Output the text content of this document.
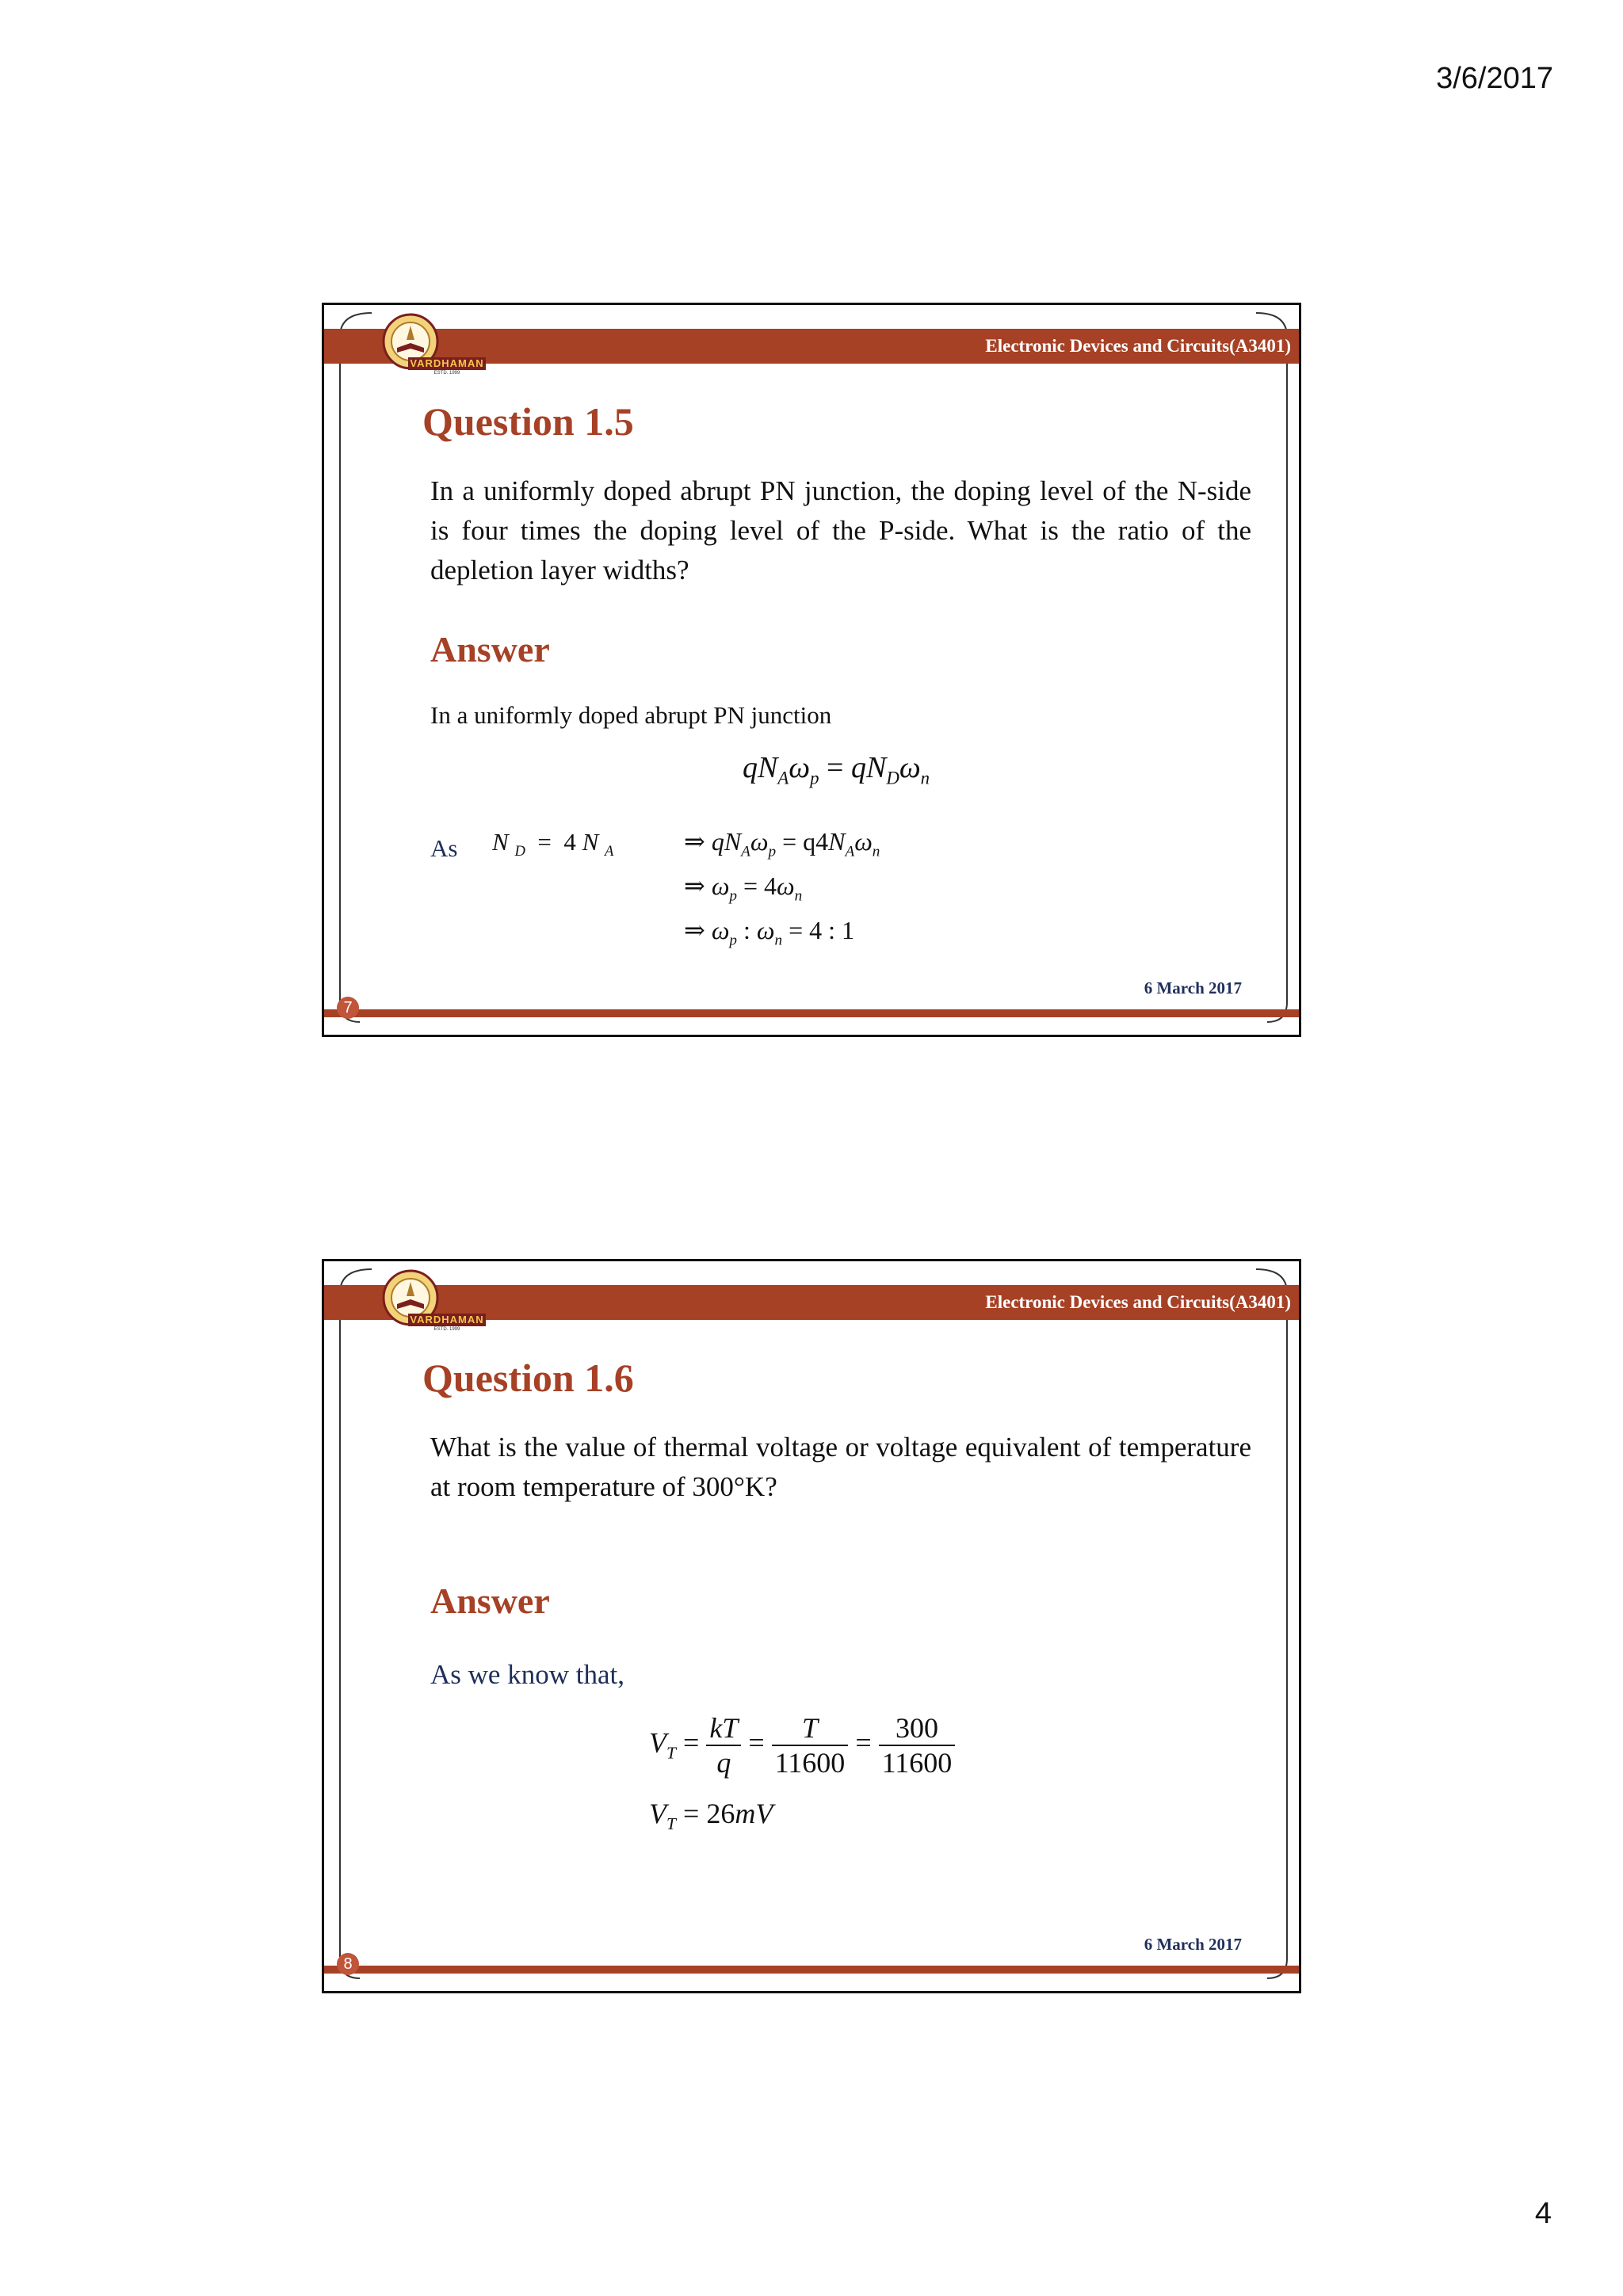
3/6/2017
VARDHAMAN
ESTD. 1999
Electronic Devices and Circuits(A3401)
Question 1.5
In a uniformly doped abrupt PN junction, the doping level of the N-side is four times the doping level of the P-side. What is the ratio of the depletion layer widths?
Answer
In a uniformly doped abrupt PN junction
$qN_A\omega_p = qN_D\omega_n$
As N $_D$  =  4 N $_A$	⇒ $qN_A\omega_p = q4N_A\omega_n$
⇒ $\omega_p = 4\omega_n$
⇒ $\omega_p$ : $\omega_n = 4$ : 1
6 March 2017
7
VARDHAMAN
ESTD. 1999
Electronic Devices and Circuits(A3401)
Question 1.6
What is the value of thermal voltage or voltage equivalent of temperature at room temperature of 300°K?
Answer
As we know that,
$V_T = \frac{kT}{q} = \frac{T}{11600} = \frac{300}{11600}$
$V_T = 26mV$
6 March 2017
8
4
